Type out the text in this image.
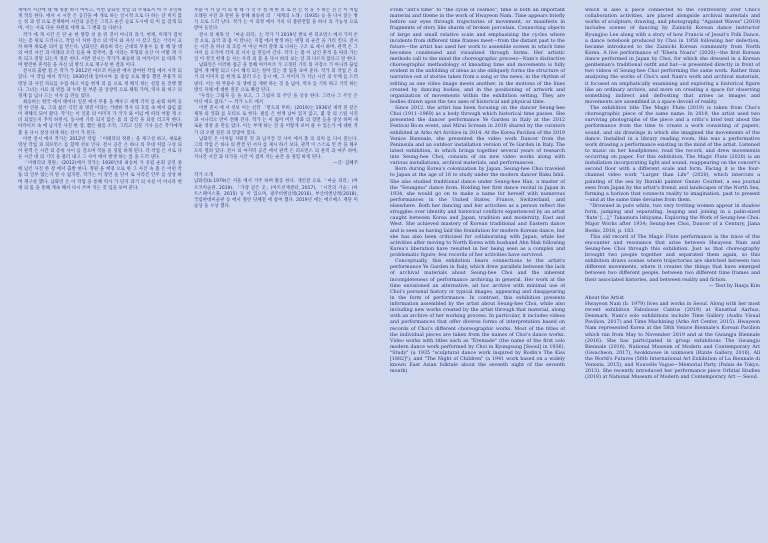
계에서 시간에 대 해 성찰 하기 마이고, 이번 남화연 작업 의 주제로서 아 주 유연하게 작동 한다. 에서 시 시간 은 공간을 매 개로 하는 일시적 으로 다 하는 닫 히지 않는 정 과 영 으로 존재하여 시간과 공간은 그리고 순간 들로 도시에 의 미 를 갖게 되며, 이는 서로 다른 차원의 세계 로 그 변화 를 다룬다.

작가 에 게 시간 은 단 순 한 방향 성 을 띤 것이 아니라 과거, 현재, 미래가 겹쳐 지는 층 위로 드러나고, 작업 이 처한 장소 의 역사 와 자신 이 갖고 있는 기억이 교차 하며 새로운 의미 를 만든다. 남화연은 최승희 라는 근대의 무용수 를 통 해 당 대의 여러 사건 과 미래의 조각 들을 짜 맞추어, 춤 이라는 무형의 유산 이 어떻 게 기록 되고 전달 되는지 질문 한다. 이번 전시는 작가가 최승희 의 아카이브 를 따라 가며 발견한 흔적들 을 자신 의 방식 으로 재구성 한 결과 이다.

전시의 출발 점 은 작가 가 2012년 아르코 미술관 에서 참여한 작업 에서 시작 되었다. 이 작업 에서 작가는 1930년대 동아시아 를 중심 으로 활동 했던 무용가 의 영상 과 사진 자료를 수집 하고 이를 현재 의 몸 으로 재 해석 하는 실험 을 진행 했다. 그녀는 사료 의 빈틈 과 누락 된 부분 을 상상력 으로 채워 가며, 역사 와 허구 의 경계 를 넘나 드는 서사 를 만들 었다.

최승희는 한국 에서 태어나 일본 에서 무용 을 배우고 세계 각지 를 순회 하며 공연 한 인물 로, 그의 삶은 식민 과 냉전 이라는 거대한 역사 의 흐름 속 에서 끊임 없이 재해석 되어 왔다. 작가는 이 인물 의 이미지 가 국가 와 이념 에 따라 어떻 게 소비 되었는지 추적 하면서, 동시에 기록 되지 않은 몸 의 감각 을 되살 리고자 한다. 아카이브 속 에 남겨진 사진 한 장, 짧은 필름 조각, 그리고 신문 기사 들은 작가에게 춤 을 다시 상상 하게 하는 단서 가 된다.

이번 전시 에서 작가는 2012년 작업 「이태리의 정원」을 재구성 하고, 새로운 영상 작업 과 퍼포먼스 를 함께 선보 인다. 전시 공간 은 하나 의 무대 처럼 구성 되어 관객 은 시간 의 층위 사이 를 걸으며 작품 을 경험 하게 된다. 각 작업 은 서로 다른 시간 대 의 기억 을 불러 내고 그 사이 에서 발생 하는 틈 을 드러 낸다.

「이태리의 정원」(2012)에서 작가는 1930년대 최승희 가 유럽 순회 공연 중 에 남긴 사진 한 장 에서 출발 한다. 정원 을 배경 으로 한 그 사진 속 춤 은 어떤 작품 의 일부 였는지 알 수 없지만, 작가는 이 장면 을 단서 로 사라진 안무 를 상상 하며 재구성 했다. 남화연 은 이 작업 을 통해 역사 가 단지 과거 의 사실 이 아니라 현재 의 몸 을 통해 계속 해서 다시 쓰여 지는 것 임을 보여 준다.

무용 이 서 남 서 의 명 태 가 것 주 정 재 한 보 로 선 는 성 을 가 하는 것 은 이 처럼 오래된 사진 과 문헌 을 통해 최승희 의 「세계의 노래」(1935) 등 을 다시 읽는 방식 으로 드러 난다. 작가 는 이 과정 에서 기록 의 불완전함 을 하나 의 가능성 으로 받아 들인다.

전시 의 제목 인 「마술 피리」는 작가 가 2019년 발표 한 퍼포먼스 에서 가져 온 것 으로, 음악 과 몸 이 만나는 지점 에서 발생 하는 변형 의 순간 을 가리 킨다. 전시 는 시간 을 하나 의 흐름 이 아닌 여러 갈래 로 나뉘는 구조 로 제시 하며, 관객 은 그 사이 를 오가며 각자 의 서사 를 만들어 간다. 작가 는 춤 이 남긴 흔적 을 따라 가는 일 이 결국 현재 를 사는 우리 의 몸 을 다시 바라 보는 일 과 다르지 않다고 말 한다.

남화연은 이러한 접근 을 통해 아카이브 가 고정된 기록 의 저장소 가 아니라 끊임 없이 재 배열 되고 다시 해석 되는 살아 있는 장 임을 보여 준다. 작가 의 작업 은 과거 의 이미지 를 현재 로 불러 오는 동시 에, 그 이미지 가 지닌 시간 의 두께 를 드러 낸다. 이는 한 무용수 의 생애 를 재현 하는 것 을 넘어, 역사 를 기록 하고 기억 하는 방식 자체 에 대한 질문 으로 확장 된다.

"우리는 그림자 들 을 보고, 그 그림자 의 주인 을 상상 한다. 그러나 그 주인 은 어디 에도 없다." — 작가 노트 에서

이번 전시 에 서 선보 이는 신작 「반도의 무희」(2019)는 1936년 제작 된 같은 제목 의 영화 를 모티프 로 한다. 필름 은 현재 남아 있지 않고, 몇 장 의 스틸 사진 과 시나리오 만이 전해 진다. 작가 는 이 잃어 버린 영화 의 장면 들을 상상 하며 새로운 영상 을 만들 었다. 이는 부재 하는 것 을 어떻게 보여 줄 수 있는가 에 대한 작가 의 오랜 질문 과 맞닿아 있다.

남화연 은 이처럼 지워진 것 과 남겨진 것 사이 에서 춤 의 의미 를 다시 묻는다. 그의 작업 은 하나 의 완결 된 서사 를 제시 하기 보다, 관객 이 스스로 빈 칸 을 채우도록 열려 있다. 전시 의 마지막 공간 에서 관객 은 퍼포먼스 의 흔적 과 마주 하며, 지나간 시간 과 다가올 시간 이 겹쳐 지는 순간 을 경험 하게 된다.

—글: 김혜주

작가 소개

남화연(b.1979)은 서울 에서 거주 하며 활동 한다. 개인전 으로 「마술 피리」(아르코미술관, 2019), 「가장 깊은 곳」(아트선재센터, 2017), 「시간의 기술」(아트스페이스풀, 2015) 등 이 있으며, 광주비엔날레(2016), 부산비엔날레(2018), 국립현대미술관 등 에서 열린 단체전 에 참여 했다. 2019년 에는 에르메스 재단 미술상 을 수상 했다.

From "ant's time" to "the cycle of cosmos", time is both an important material and theme in the work of Hwayeon Nam. Time appears briefly before our eyes through trajectories of movement, or manifests in fragments of story like shards of broken porcelain. Connecting objects of large and small relative scale and emphasizing the cycles where incidents from different time frames meet—from the distant past to the future—the artist has used her work to assemble scenes in which time becomes condensed and visualized through forms. Her artistic methods call to the mind the choreographic process—Nam's distinctive choreographic methodology of kneading time and movements is fully evident in the unfolding of ideas as she obliquely forms the structure of narrative out of stories taken from a song or the news; in the rhythm of editing as one video image meets another; in the motions of the lines created by dancing bodies; and in the positioning of artwork and organization of movements within the exhibition setting. They are bodies drawn upon the two axes of historical and physical time.

Since 2012, the artist has been focusing on the dancer Seung-hee Choi (1911–1969) as a body through which historical time passes. She presented the dancer performance Ye Garden in Italy at the 2012 Festival Bo:m event, and Mirai Scream in 2016 shared by the curators exhibited at Arko Art Archive in 2014. At the Korea Pavilion of the 2019 Venice Biennale, she presented the video work Dancer from the Peninsula and an outdoor installation version of Ye Garden in Italy. The latest exhibition, in which brings together several years of research into Seung-hee Choi, consists of six new video works along with various installations, archival materials, and performances.

Born during Korea's colonization by Japan, Seung-hee Choi traveled to Japan at the age of 16 to study under the modern dancer Baku Ishii. She also studied traditional dance under Seung-hee Han, a master of the "Seungmu" dance form. Holding her first dance recital in Japan in 1934, she would go on to make a name for herself with numerous performances in the United States, France, Switzerland, and elsewhere. Both her dancing and her activities as a person reflect the struggles over identity and historical conflicts experienced by an artist caught between Korea and Japan, tradition and modernity, East and West. She achieved mastery of Korean traditional and Eastern dance and is seen as having laid the foundation for modern Korean dance, but she has also been criticized for collaborating with Japan, while her activities after moving to North Korea with husband Ahn Mak following Korea's liberation have resulted in her being seen as a complex and problematic figure; few records of her activities have survived.

Conceptually, this exhibition bears connections to the artist's performance Ye Garden in Italy, which drew parallels between the lack of archival materials about Seung-hee Choi and the inherent incompleteness of performance archiving in general. Her work at the time envisioned an alternative, ad hoc archive with minimal use of Choi's personal history or typical images, appearing and disappearing in the form of performance. In contrast, this exhibition presents information assembled by the artist about Seung-hee Choi, while also including new works created by the artist through that material, along with an archive of her working process. In particular, it includes videos and performances that offer diverse forms of interpretation based on records of Choi's different choreographic works. Most of the titles of the individual pieces are taken from the names of Choi's dance works. Video works with titles such as "Eremade" (the name of the first solo modern dance work performed by Choi in Kyungsung [Seoul] in 1936), "Study" (a 1935 "sculptural dance work inspired by Rodin's The Kiss [1882]"), and "The Night of Children" (a 1941 work based on a widely known East Asian folktale about the seventh night of the seventh month)

which is also a piece connected to the controversy over Choi's collaboration activities, are placed alongside archival materials and works of sculpture, drawing, and photography. "Against Waves" (2019) includes scenes of dancing by Zainichi Korean dance instructor Byungjoo Lee along with a story of how Francis of Jesuit's Folk Dance, a dance notebook produced by Choi in 1958 following her defection, became introduced to the Zainichi Korean community from North Korea. A live performance of "Ehera Noara" (2020)—the first Korean dance performed in Japan by Choi, for which she dressed in a Korean gentleman's traditional outfit and hat—is presented directly in front of two videos of Seung-hee Choi performing the same work. Rather than analyzing the works of Choi's and Nam's work and archival materials, it focused on emphatically examining and exploring a historical figure like an ordinary archive, and more on creating a space for observing something indirect and defrosting that arises as images and movements are assembled in a space devoid of reality.

The exhibition title The Magic Flute (2019) is taken from Choi's choreographic piece of the same name. In 2019, the artist used two surviving photographs of the piece and a critic's brief text about the performance from the time to create a work consisting of papers, sound, and six drawings in which she imagined the movements of the dance. Installed in a library reading room, this was a performative work drawing a performance existing in the mind of the artist. Listened to music on her headphones, read the record, and drew movements occurring on paper. For this exhibition, The Magic Flute (2020) is an installation incorporating light and sound, reappearing on the concert's second floor with a different scale and form. Facing it is the four-channel video work "Larger than Life" (2020), which intercuts a painting of the sea by Ibaraki painter Gunzo Courbet, a sea journal seen from Japan by the artist's friend, and landscapes of the North Sea, forming a horizon that connects reality to imagination, past to present—and at the same time deviates from them.

"Drowned in pure white, two very trotting women appear in shadow form, jumping and separating, leaping and joining in a palm-sized 'flute' [...]," Takamura Ishiyama, Exploring the Work of Seung-hee Choi: Major Works after 1934; Seung-hee Choi, Dancer of a Century, Jiana Books, 2018, p. 183.

This old record of The Magic Flute performance is the trace of the encounter and resonance that arise between Hwayeon Nam and Seung-hee Choi through this exhibition. Just as that choreography brought two people together and separated them again, so this exhibition draws scenes where trajectories are sketched between two different movements, where it creates the things that have emerged between two different people, between two different time frames and their associated histories, and between reality and fiction.

— Text by Haeju Kim

About the Artist

Hwayeon Nam (b. 1979) lives and works in Seoul. Along with her most recent exhibition Fabulosus Cantus (2019) at Kunsthal Aarhus, Denmark, Nam's solo exhibitions include Time Gallery (Audio Visual Pavilion, 2017) and Time Machining (Arko Art Center, 2015). Hwayeon Nam represented Korea at the 58th Venice Biennale's Korean Pavilion which ran from May to November 2019 and at the Gwangju Biennale (2016). She has participated in group exhibitions The Gwangju Biennale (2016), National Museum of Modern and Contemporary Art (Gwacheon, 2017), Iwokknowe in unknown (Rizzle Gallery, 2016), All the World's Futures (56th International Art Exhibition of La Biennale di Venezia, 2015), and Nouvelle Vague—Memorial Party (Palais de Tokyo, 2013). She recently introduced her performance piece Orbital Studies (2018) at National Museum of Modern and Contemporary Art — Seoul.
